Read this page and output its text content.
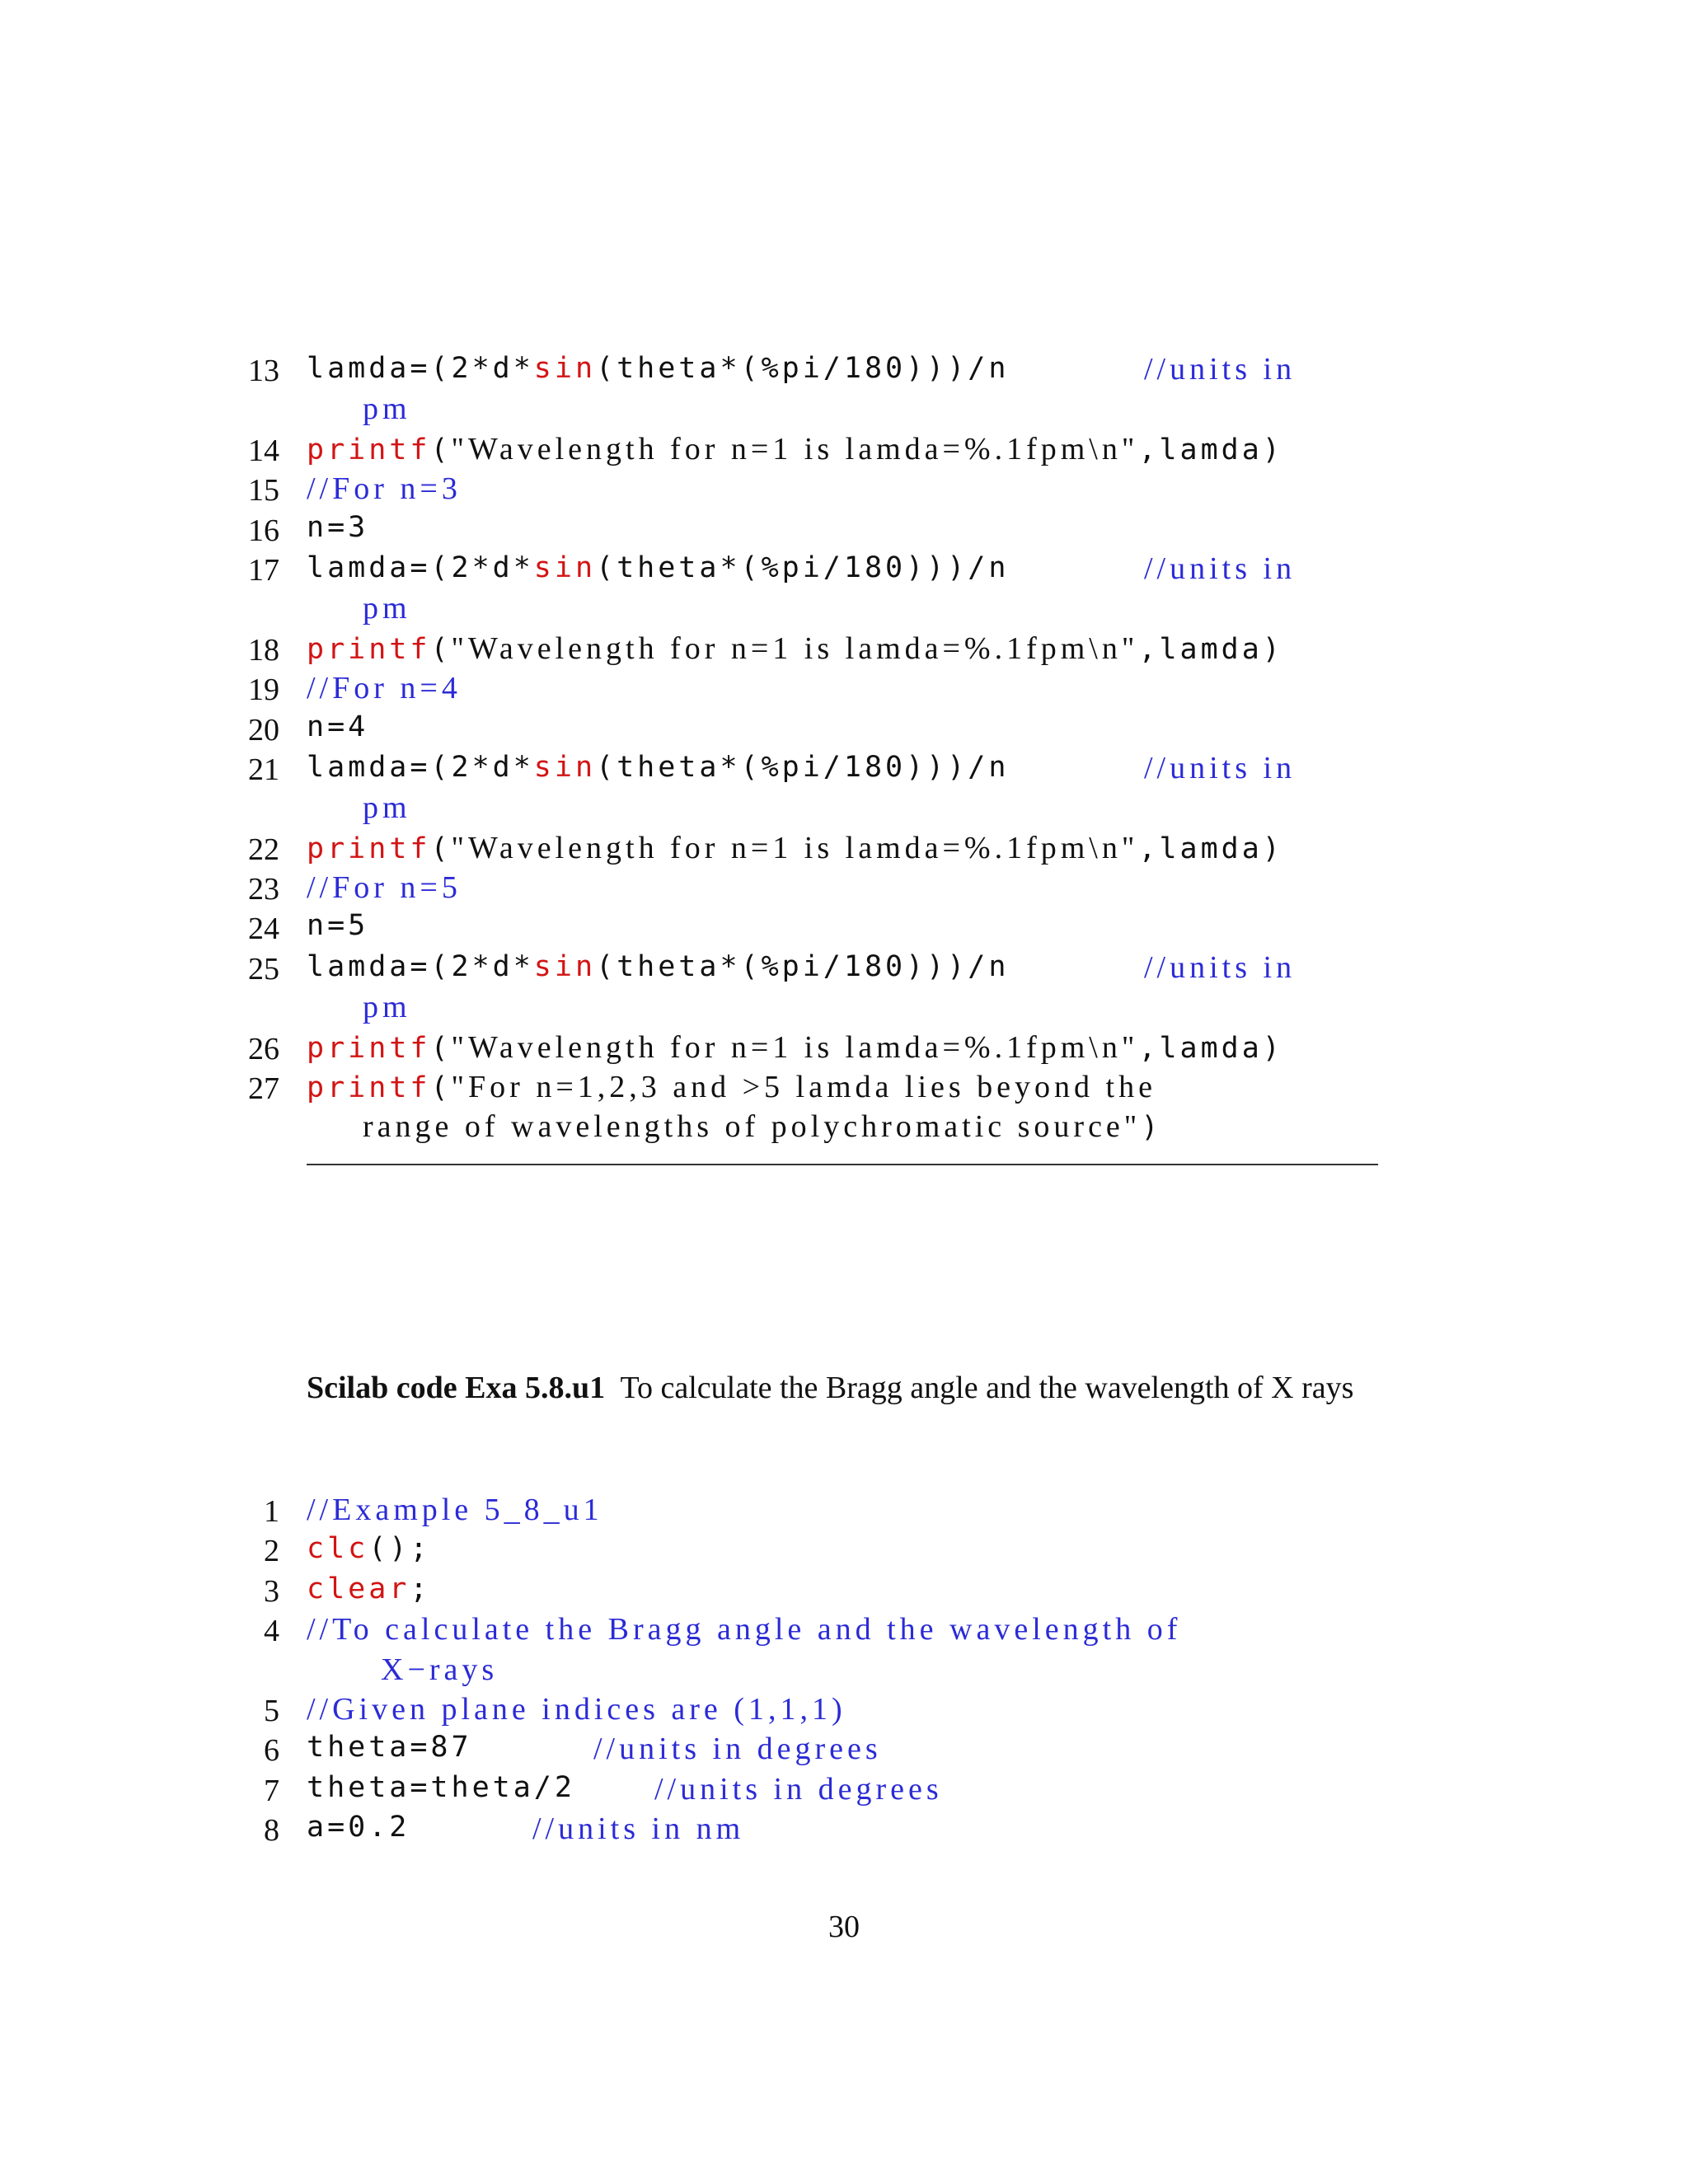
13 lamda=(2*d*sin(theta*(%pi/180)))/n	//units in
pm
14 printf("Wavelength for n=1 is lamda=%.1fpm\n",lamda)
15 //For n=3
16 n=3
17 lamda=(2*d*sin(theta*(%pi/180)))/n	//units in
pm
18 printf("Wavelength for n=1 is lamda=%.1fpm\n",lamda)
19 //For n=4
20 n=4
21 lamda=(2*d*sin(theta*(%pi/180)))/n	//units in
pm
22 printf("Wavelength for n=1 is lamda=%.1fpm\n",lamda)
23 //For n=5
24 n=5
25 lamda=(2*d*sin(theta*(%pi/180)))/n	//units in
pm
26 printf("Wavelength for n=1 is lamda=%.1fpm\n",lamda)
27 printf("For n=1,2,3 and >5 lamda lies beyond the
range of wavelengths of polychromatic source")
Scilab code Exa 5.8.u1 To calculate the Bragg angle and the wavelength of X rays
1 //Example 5_8_u1
2 clc();
3 clear;
4 //To calculate the Bragg angle and the wavelength of
X−rays
5 //Given plane indices are (1,1,1)
6 theta=87	//units in degrees
7 theta=theta/2	//units in degrees
8 a=0.2	//units in nm
30
